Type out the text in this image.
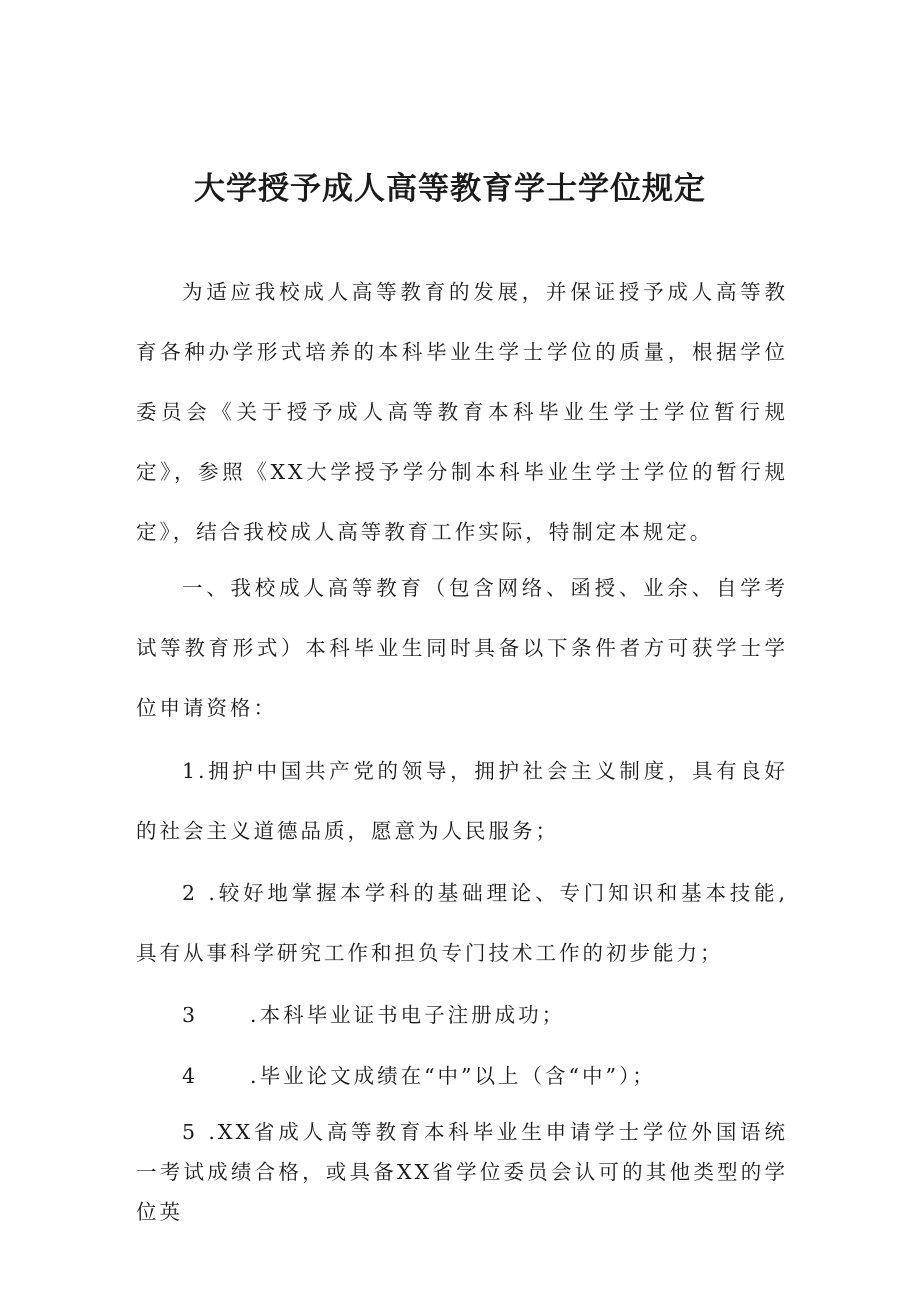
大学授予成人高等教育学士学位规定

为适应我校成人高等教育的发展，并保证授予成人高等教育各种办学形式培养的本科毕业生学士学位的质量，根据学位委员会《关于授予成人高等教育本科毕业生学士学位暂行规定》，参照《XX大学授予学分制本科毕业生学士学位的暂行规定》，结合我校成人高等教育工作实际，特制定本规定。

一、我校成人高等教育（包含网络、函授、业余、自学考试等教育形式）本科毕业生同时具备以下条件者方可获学士学位申请资格：

1.拥护中国共产党的领导，拥护社会主义制度，具有良好的社会主义道德品质，愿意为人民服务；

2 .较好地掌握本学科的基础理论、专门知识和基本技能,具有从事科学研究工作和担负专门技术工作的初步能力；

3	.本科毕业证书电子注册成功；

4	.毕业论文成绩在“中”以上（含“中”）；

5 .XX省成人高等教育本科毕业生申请学士学位外国语统一考试成绩合格，或具备XX省学位委员会认可的其他类型的学位英
